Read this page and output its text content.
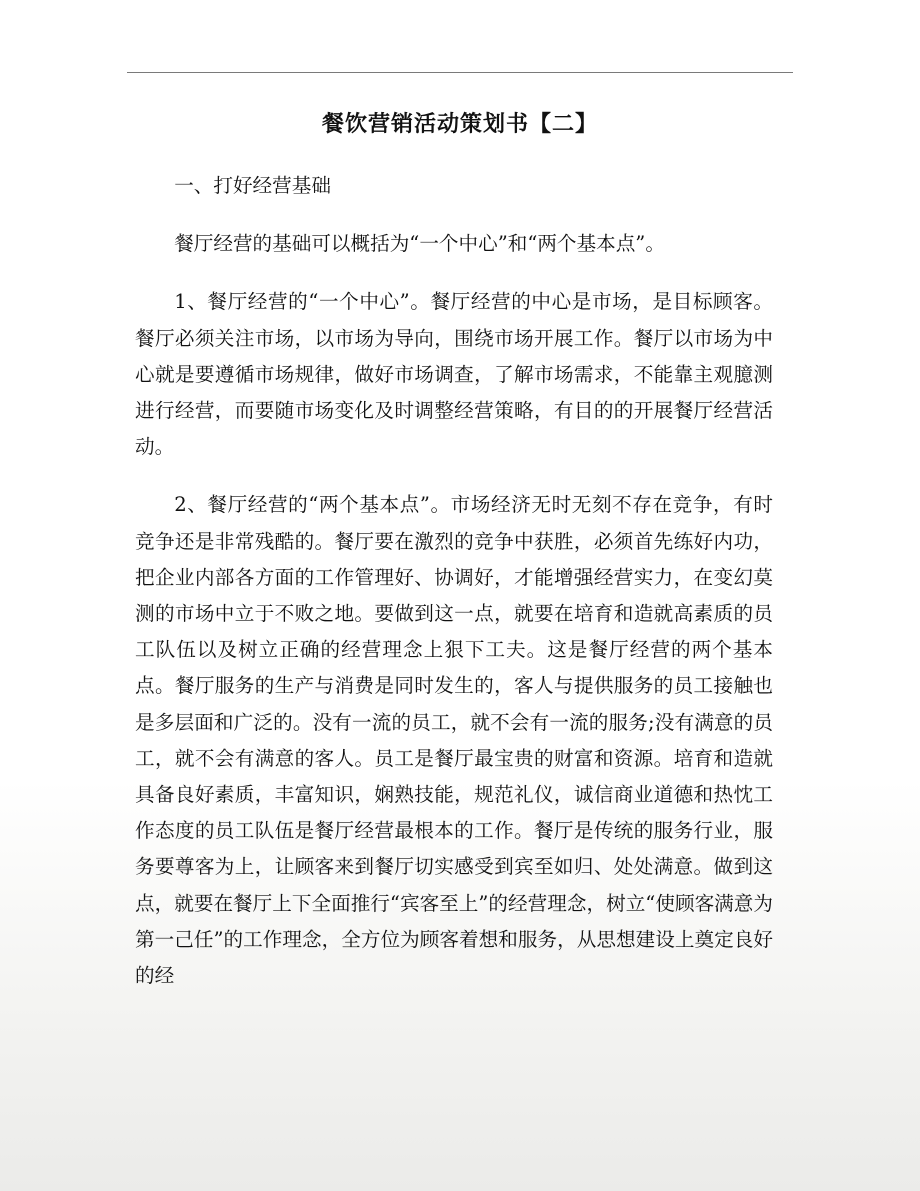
餐饮营销活动策划书【二】

一、打好经营基础

餐厅经营的基础可以概括为“一个中心”和“两个基本点”。

1、餐厅经营的“一个中心”。餐厅经营的中心是市场，是目标顾客。餐厅必须关注市场，以市场为导向，围绕市场开展工作。餐厅以市场为中心就是要遵循市场规律，做好市场调查，了解市场需求，不能靠主观臆测进行经营，而要随市场变化及时调整经营策略，有目的的开展餐厅经营活动。

2、餐厅经营的“两个基本点”。市场经济无时无刻不存在竞争，有时竞争还是非常残酷的。餐厅要在激烈的竞争中获胜，必须首先练好内功，把企业内部各方面的工作管理好、协调好，才能增强经营实力，在变幻莫测的市场中立于不败之地。要做到这一点，就要在培育和造就高素质的员工队伍以及树立正确的经营理念上狠下工夫。这是餐厅经营的两个基本点。餐厅服务的生产与消费是同时发生的，客人与提供服务的员工接触也是多层面和广泛的。没有一流的员工，就不会有一流的服务;没有满意的员工，就不会有满意的客人。员工是餐厅最宝贵的财富和资源。培育和造就具备良好素质，丰富知识，娴熟技能，规范礼仪，诚信商业道德和热忱工作态度的员工队伍是餐厅经营最根本的工作。餐厅是传统的服务行业，服务要尊客为上，让顾客来到餐厅切实感受到宾至如归、处处满意。做到这点，就要在餐厅上下全面推行“宾客至上”的经营理念，树立“使顾客满意为第一己任”的工作理念，全方位为顾客着想和服务，从思想建设上奠定良好的经
